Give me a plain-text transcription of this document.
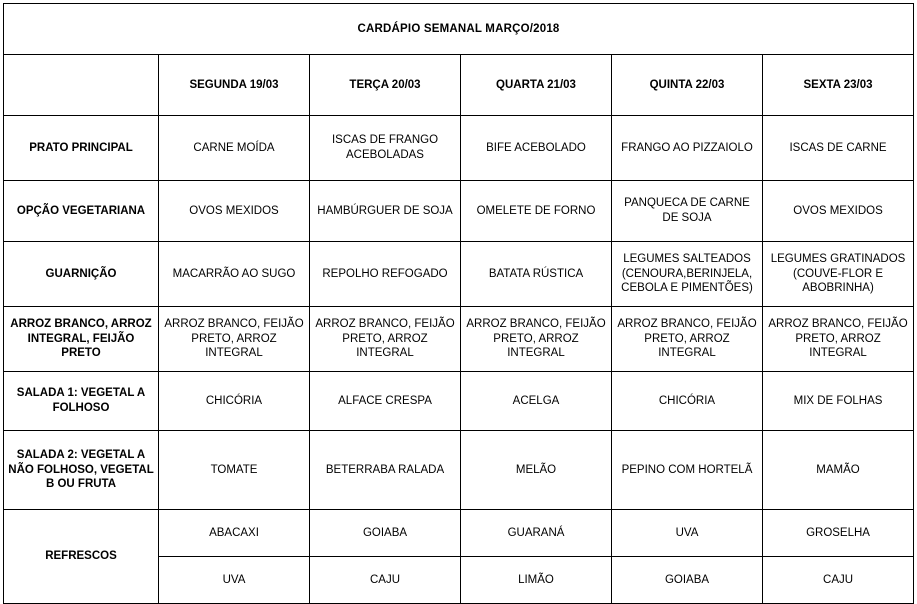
CARDÁPIO SEMANAL MARÇO/2018					
	SEGUNDA 19/03	TERÇA 20/03	QUARTA 21/03	QUINTA 22/03	SEXTA 23/03
PRATO PRINCIPAL	CARNE MOÍDA	ISCAS DE FRANGO ACEBOLADAS	BIFE ACEBOLADO	FRANGO AO PIZZAIOLO	ISCAS DE CARNE
OPÇÃO VEGETARIANA	OVOS MEXIDOS	HAMBÚRGUER DE SOJA	OMELETE DE FORNO	PANQUECA DE CARNE DE SOJA	OVOS MEXIDOS
GUARNIÇÃO	MACARRÃO AO SUGO	REPOLHO REFOGADO	BATATA RÚSTICA	LEGUMES SALTEADOS (CENOURA,BERINJELA, CEBOLA E PIMENTÕES)	LEGUMES GRATINADOS (COUVE-FLOR E ABOBRINHA)
ARROZ BRANCO, ARROZ INTEGRAL, FEIJÃO PRETO	ARROZ BRANCO, FEIJÃO PRETO, ARROZ INTEGRAL	ARROZ BRANCO, FEIJÃO PRETO, ARROZ INTEGRAL	ARROZ BRANCO, FEIJÃO PRETO, ARROZ INTEGRAL	ARROZ BRANCO, FEIJÃO PRETO, ARROZ INTEGRAL	ARROZ BRANCO, FEIJÃO PRETO, ARROZ INTEGRAL
SALADA 1: VEGETAL A FOLHOSO	CHICÓRIA	ALFACE CRESPA	ACELGA	CHICÓRIA	MIX DE FOLHAS
SALADA 2: VEGETAL A NÃO FOLHOSO, VEGETAL B OU FRUTA	TOMATE	BETERRABA RALADA	MELÃO	PEPINO COM HORTELÃ	MAMÃO
REFRESCOS	ABACAXI	GOIABA	GUARANÁ	UVA	GROSELHA
	UVA	CAJU	LIMÃO	GOIABA	CAJU
